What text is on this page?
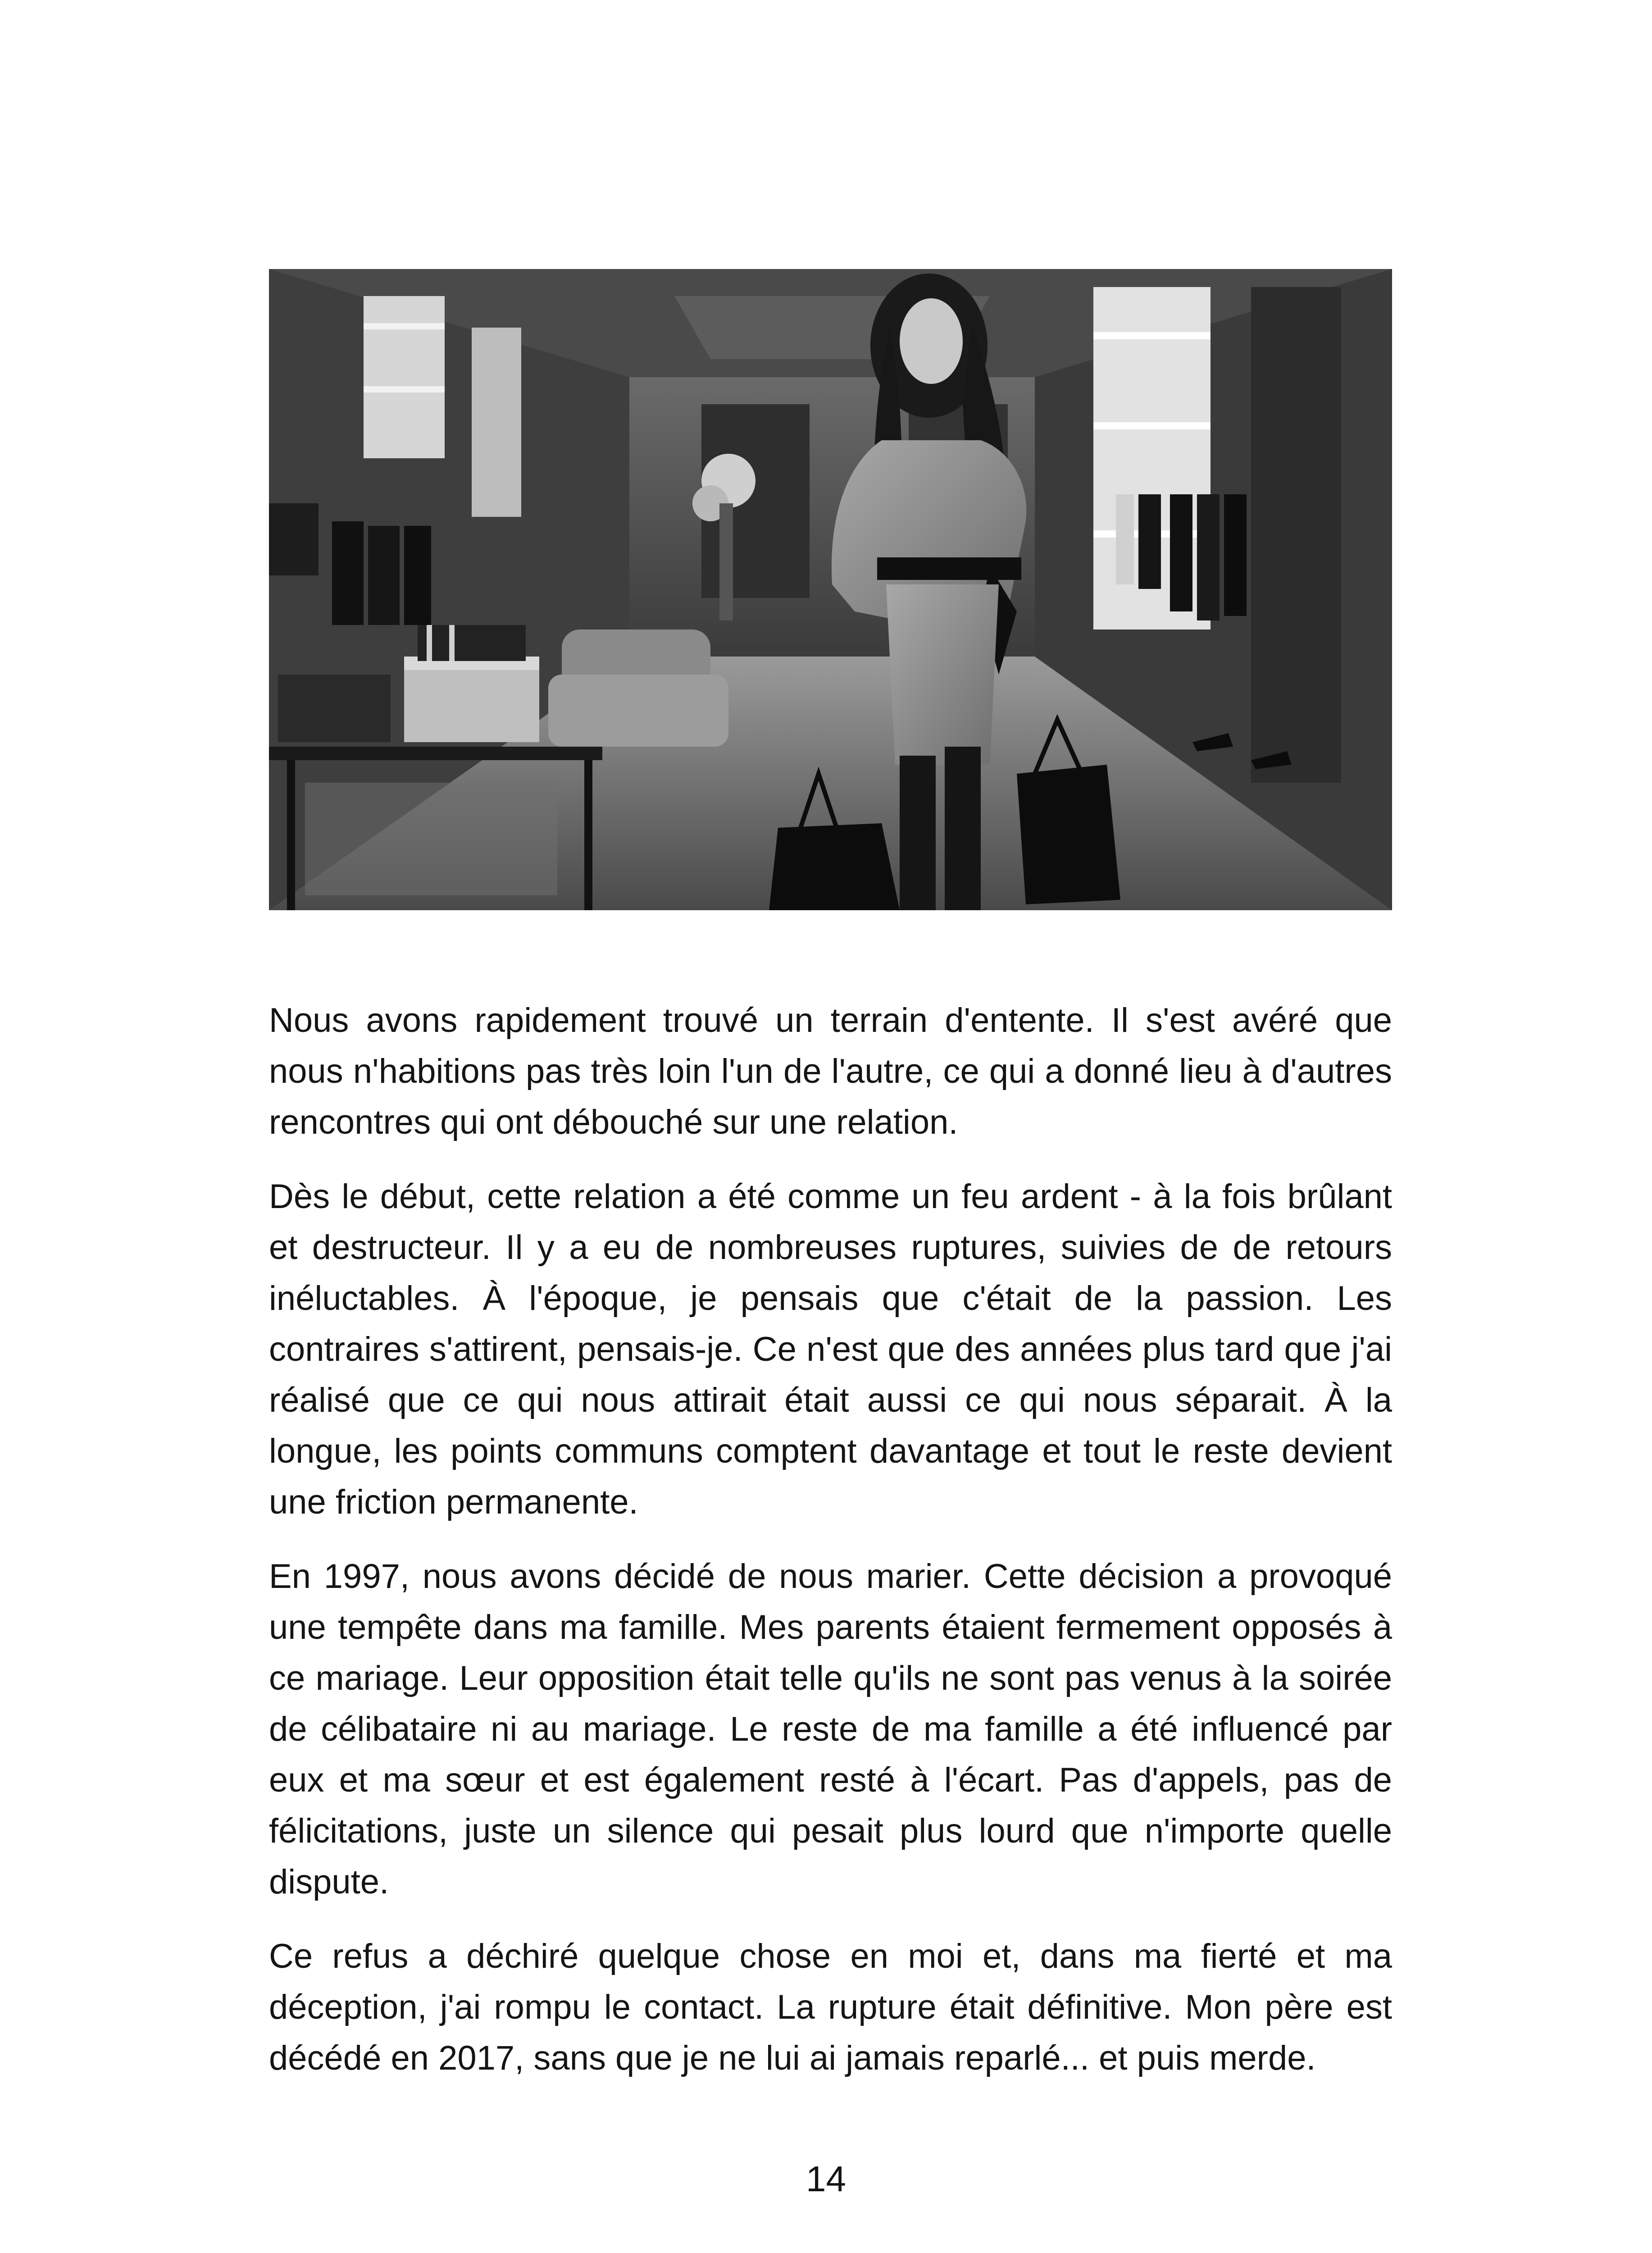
Nous avons rapidement trouvé un terrain d'entente. Il s'est avéré que nous n'habitions pas très loin l'un de l'autre, ce qui a donné lieu à d'autres rencontres qui ont débouché sur une relation.

Dès le début, cette relation a été comme un feu ardent - à la fois brûlant et destructeur. Il y a eu de nombreuses ruptures, suivies de de retours inéluctables. À l'époque, je pensais que c'était de la passion. Les contraires s'attirent, pensais-je. Ce n'est que des années plus tard que j'ai réalisé que ce qui nous attirait était aussi ce qui nous séparait. À la longue, les points communs comptent davantage et tout le reste devient une friction permanente.

En 1997, nous avons décidé de nous marier. Cette décision a provoqué une tempête dans ma famille. Mes parents étaient fermement opposés à ce mariage. Leur opposition était telle qu'ils ne sont pas venus à la soirée de célibataire ni au mariage. Le reste de ma famille a été influencé par eux et ma sœur et est également resté à l'écart. Pas d'appels, pas de félicitations, juste un silence qui pesait plus lourd que n'importe quelle dispute.

Ce refus a déchiré quelque chose en moi et, dans ma fierté et ma déception, j'ai rompu le contact. La rupture était définitive. Mon père est décédé en 2017, sans que je ne lui ai jamais reparlé... et puis merde.

14
